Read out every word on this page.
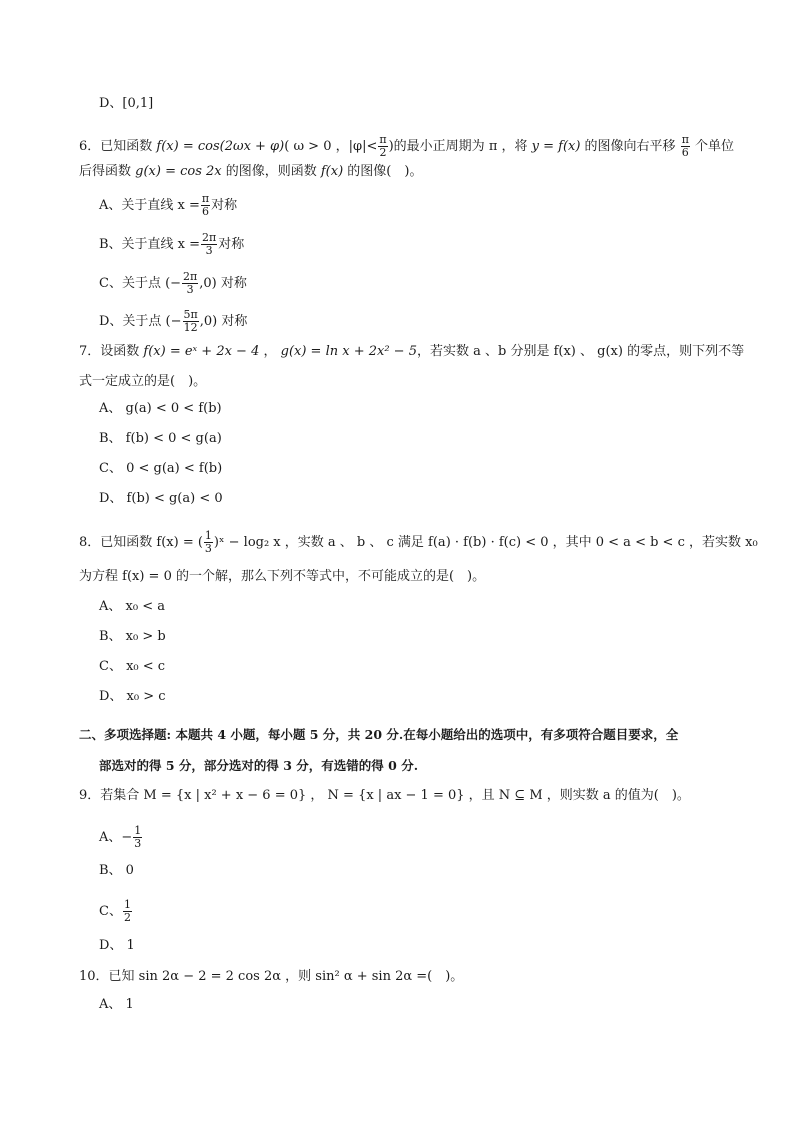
D、[0,1]
6．已知函数 f(x) = cos(2ωx + φ)( ω > 0 ，$|\varphi|< \frac{\pi}{2}$ )的最小正周期为 π ，将 y = f(x) 的图像向右平移 $\frac{\pi}{6}$ 个单位
后得函数 g(x) = cos 2x 的图像，则函数 f(x) 的图像(　)。
A、关于直线 $x = \frac{\pi}{6}$ 对称
B、关于直线 $x = \frac{2\pi}{3}$ 对称
C、关于点 (− $\frac{2\pi}{3} ,0$) 对称
D、关于点 (− $\frac{5\pi}{12} ,0$) 对称
7．设函数 f(x) = eˣ + 2x − 4 ， g(x) = ln x + 2x² − 5，若实数 a 、b 分别是 f(x) 、 g(x) 的零点，则下列不等
式一定成立的是(　)。
A、 g(a) < 0 < f(b)
B、 f(b) < 0 < g(a)
C、 0 < g(a) < f(b)
D、 f(b) < g(a) < 0
8．已知函数 f(x) = ( $\frac{1}{3}$ )ˣ − log₂ x ，实数 a 、 b 、 c 满足 f(a) · f(b) · f(c) < 0 ，其中 0 < a < b < c ，若实数 x₀
为方程 f(x) = 0 的一个解，那么下列不等式中，不可能成立的是(　)。
A、 x₀ < a
B、 x₀ > b
C、 x₀ < c
D、 x₀ > c
二、多项选择题: 本题共 4 小题，每小题 5 分，共 20 分.在每小题给出的选项中，有多项符合题目要求，全
部选对的得 5 分，部分选对的得 3 分，有选错的得 0 分.
9．若集合 M = {x | x² + x − 6 = 0} ， N = {x | ax − 1 = 0} ，且 N ⊆ M ，则实数 a 的值为(　)。
A、− $\frac{1}{3}$
B、 0
C、 $\frac{1}{2}$
D、 1
10．已知 sin 2α − 2 = 2 cos 2α ，则 sin² α + sin 2α =(　)。
A、 1
